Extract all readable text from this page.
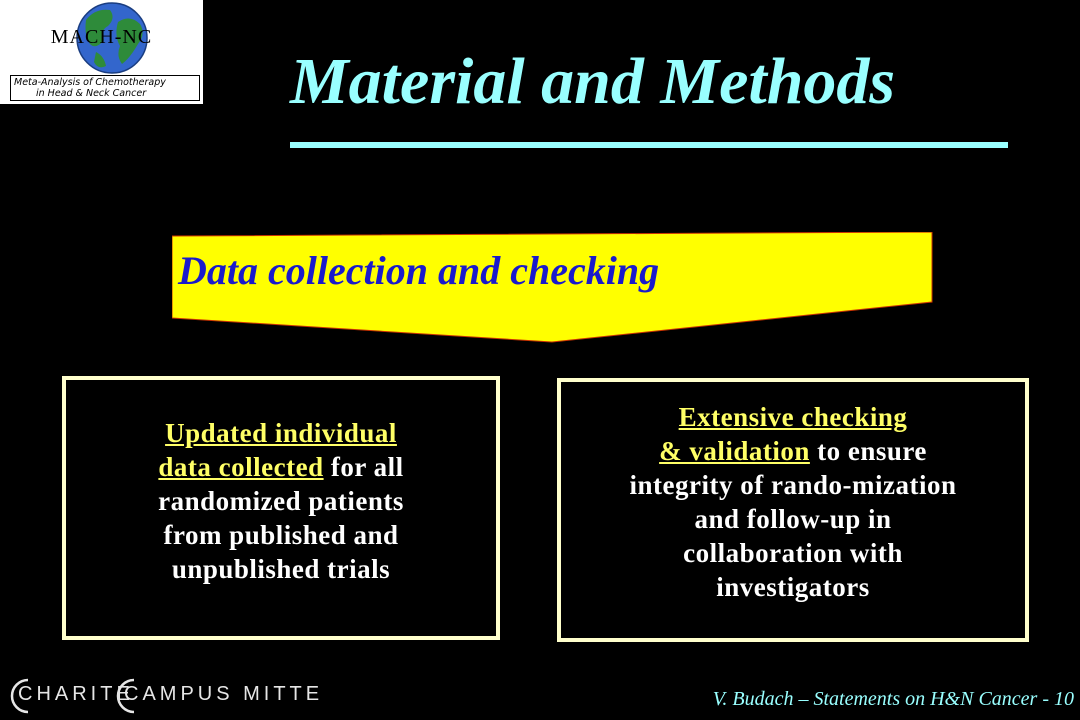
MACH-NC
Meta-Analysis of Chemotherapy
in Head & Neck Cancer	Material and Methods
Data collection and checking
Updated individual
data collected for all
randomized patients
from published and
unpublished trials
Extensive checking
& validation to ensure
integrity of rando-mization
and follow-up in
collaboration with
investigators
CHARITÉ
CAMPUS MITTE	V. Budach – Statements on H&N Cancer - 10
